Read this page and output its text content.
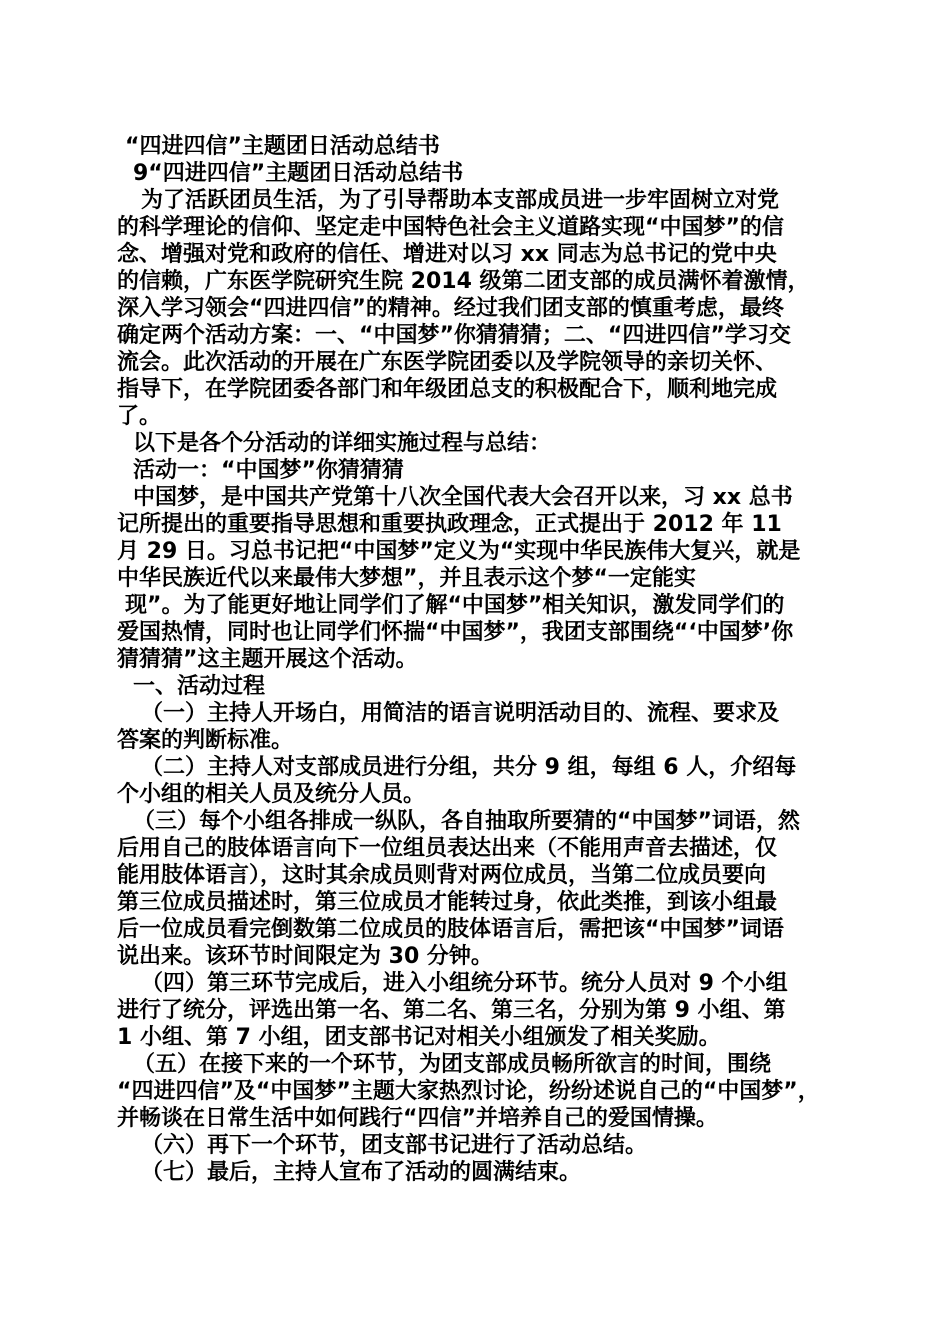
“四进四信”主题团日活动总结书
9“四进四信”主题团日活动总结书
为了活跃团员生活，为了引导帮助本支部成员进一步牢固树立对党
的科学理论的信仰、坚定走中国特色社会主义道路实现“中国梦”的信
念、增强对党和政府的信任、增进对以习 xx 同志为总书记的党中央
的信赖，广东医学院研究生院 2014 级第二团支部的成员满怀着激情，
深入学习领会“四进四信”的精神。经过我们团支部的慎重考虑，最终
确定两个活动方案：一、“中国梦”你猜猜猜；二、“四进四信”学习交
流会。此次活动的开展在广东医学院团委以及学院领导的亲切关怀、
指导下，在学院团委各部门和年级团总支的积极配合下，顺利地完成
了。
以下是各个分活动的详细实施过程与总结：
活动一：“中国梦”你猜猜猜
中国梦，是中国共产党第十八次全国代表大会召开以来，习 xx 总书
记所提出的重要指导思想和重要执政理念，正式提出于 2012 年 11
月 29 日。习总书记把“中国梦”定义为“实现中华民族伟大复兴，就是
中华民族近代以来最伟大梦想”，并且表示这个梦“一定能实
现”。为了能更好地让同学们了解“中国梦”相关知识，激发同学们的
爱国热情，同时也让同学们怀揣“中国梦”，我团支部围绕“‘中国梦’你
猜猜猜”这主题开展这个活动。
一、活动过程
（一）主持人开场白，用简洁的语言说明活动目的、流程、要求及
答案的判断标准。
（二）主持人对支部成员进行分组，共分 9 组，每组 6 人，介绍每
个小组的相关人员及统分人员。
（三）每个小组各排成一纵队，各自抽取所要猜的“中国梦”词语，然
后用自己的肢体语言向下一位组员表达出来（不能用声音去描述，仅
能用肢体语言），这时其余成员则背对两位成员，当第二位成员要向
第三位成员描述时，第三位成员才能转过身，依此类推，到该小组最
后一位成员看完倒数第二位成员的肢体语言后，需把该“中国梦”词语
说出来。该环节时间限定为 30 分钟。
（四）第三环节完成后，进入小组统分环节。统分人员对 9 个小组
进行了统分，评选出第一名、第二名、第三名，分别为第 9 小组、第
1 小组、第 7 小组，团支部书记对相关小组颁发了相关奖励。
（五）在接下来的一个环节，为团支部成员畅所欲言的时间，围绕
“四进四信”及“中国梦”主题大家热烈讨论，纷纷述说自己的“中国梦”，
并畅谈在日常生活中如何践行“四信”并培养自己的爱国情操。
（六）再下一个环节，团支部书记进行了活动总结。
（七）最后，主持人宣布了活动的圆满结束。
